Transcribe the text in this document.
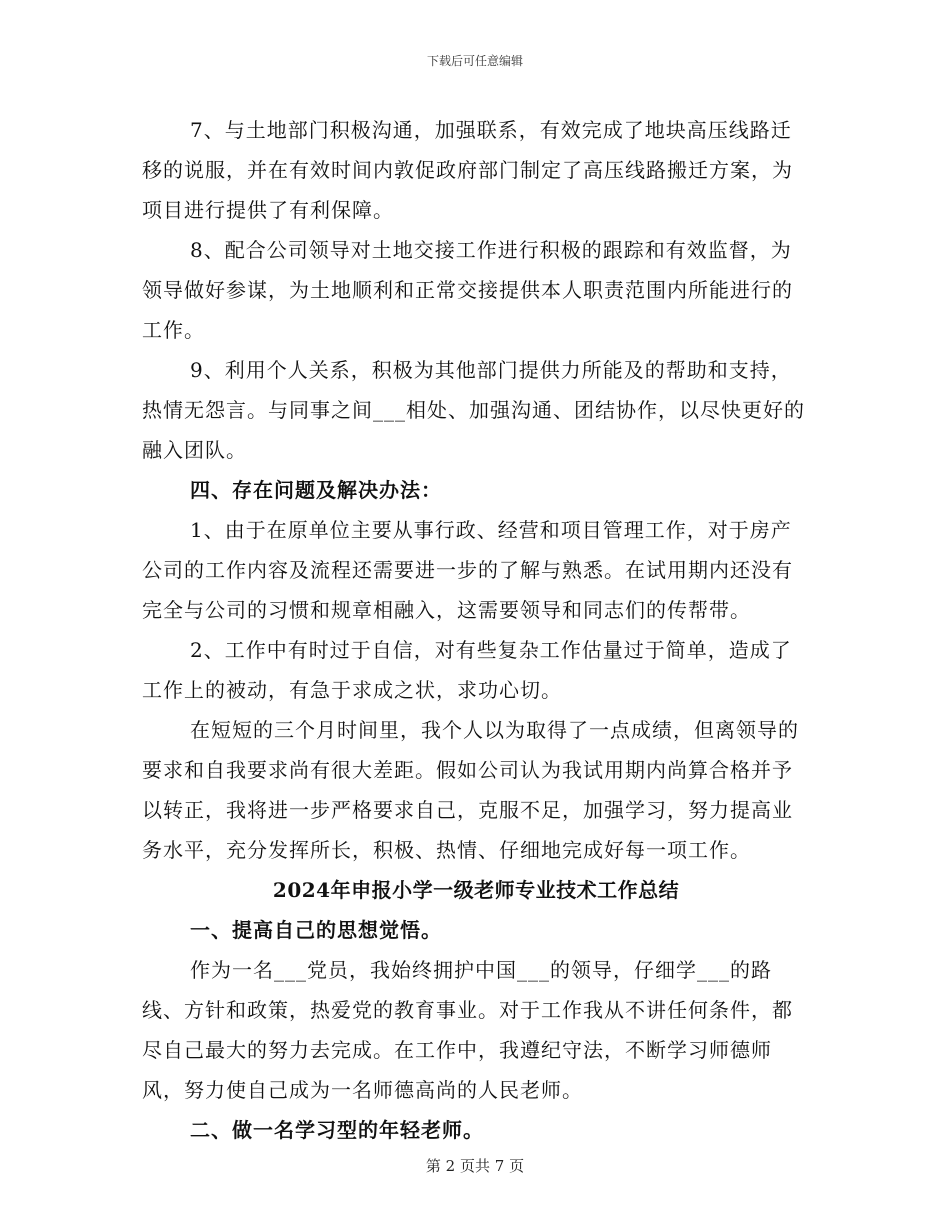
下载后可任意编辑

7、与土地部门积极沟通，加强联系，有效完成了地块高压线路迁移的说服，并在有效时间内敦促政府部门制定了高压线路搬迁方案，为项目进行提供了有利保障。

8、配合公司领导对土地交接工作进行积极的跟踪和有效监督，为领导做好参谋，为土地顺利和正常交接提供本人职责范围内所能进行的工作。

9、利用个人关系，积极为其他部门提供力所能及的帮助和支持，热情无怨言。与同事之间___相处、加强沟通、团结协作，以尽快更好的融入团队。

四、存在问题及解决办法：

1、由于在原单位主要从事行政、经营和项目管理工作，对于房产公司的工作内容及流程还需要进一步的了解与熟悉。在试用期内还没有完全与公司的习惯和规章相融入，这需要领导和同志们的传帮带。

2、工作中有时过于自信，对有些复杂工作估量过于简单，造成了工作上的被动，有急于求成之状，求功心切。

在短短的三个月时间里，我个人以为取得了一点成绩，但离领导的要求和自我要求尚有很大差距。假如公司认为我试用期内尚算合格并予以转正，我将进一步严格要求自己，克服不足，加强学习，努力提高业务水平，充分发挥所长，积极、热情、仔细地完成好每一项工作。

2024年申报小学一级老师专业技术工作总结

一、提高自己的思想觉悟。

作为一名___党员，我始终拥护中国___的领导，仔细学___的路线、方针和政策，热爱党的教育事业。对于工作我从不讲任何条件，都尽自己最大的努力去完成。在工作中，我遵纪守法，不断学习师德师风，努力使自己成为一名师德高尚的人民老师。

二、做一名学习型的年轻老师。

第 2 页共 7 页
